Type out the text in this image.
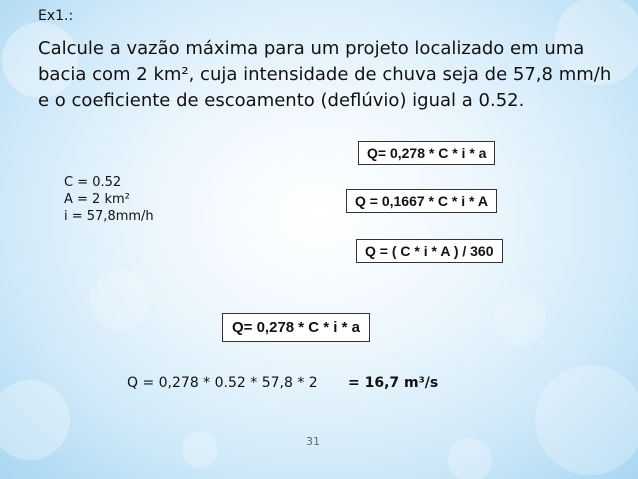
Ex1.:

Calcule a vazão máxima para um projeto localizado em uma bacia com 2 km², cuja intensidade de chuva seja de 57,8 mm/h e o coeficiente de escoamento (deflúvio) igual a 0.52.

C = 0.52
A = 2 km²
i = 57,8mm/h
Q= 0,278 * C * i * a
Q = 0,1667 * C * i * A
Q = ( C * i * A ) / 360
Q= 0,278 * C * i * a
Q = 0,278 * 0.52 * 57,8 * 2 = 16,7 m³/s
31
